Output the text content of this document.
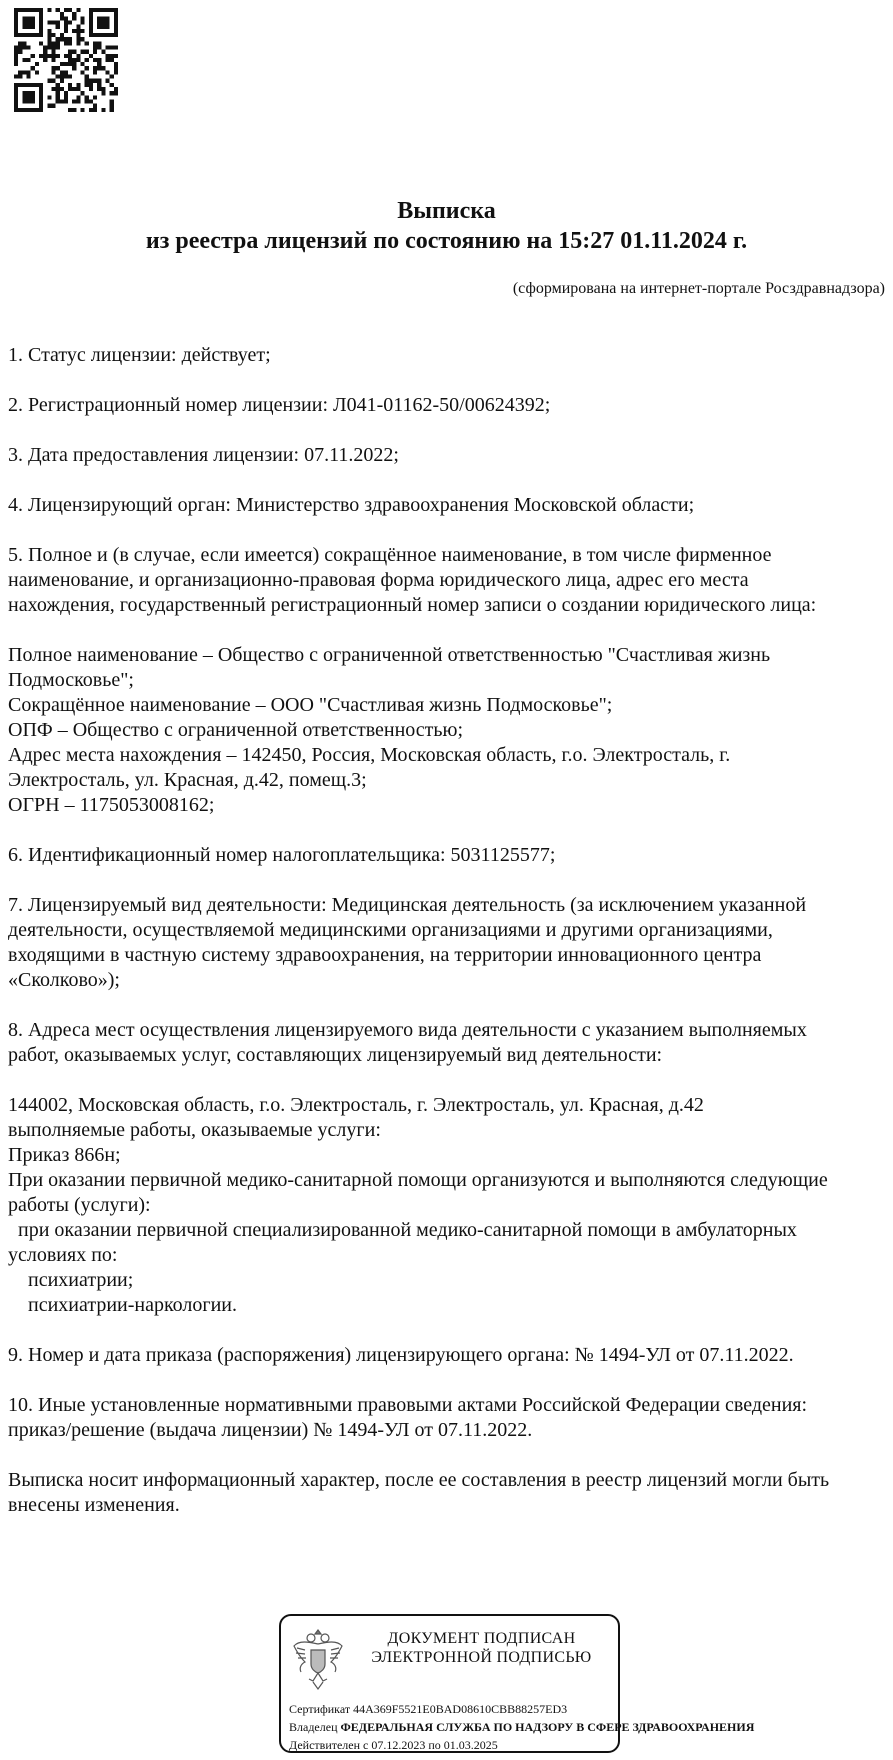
Выписка
из реестра лицензий по состоянию на 15:27 01.11.2024 г.
(сформирована на интернет-портале Росздравнадзора)
1. Статус лицензии: действует;
2. Регистрационный номер лицензии: Л041-01162-50/00624392;
3. Дата предоставления лицензии: 07.11.2022;
4. Лицензирующий орган: Министерство здравоохранения Московской области;
5. Полное и (в случае, если имеется) сокращённое наименование, в том числе фирменное
наименование, и организационно-правовая форма юридического лица, адрес его места
нахождения, государственный регистрационный номер записи о создании юридического лица:
Полное наименование – Общество с ограниченной ответственностью "Счастливая жизнь
Подмосковье";
Сокращённое наименование – ООО "Счастливая жизнь Подмосковье";
ОПФ – Общество с ограниченной ответственностью;
Адрес места нахождения – 142450, Россия, Московская область, г.о. Электросталь, г.
Электросталь, ул. Красная, д.42, помещ.3;
ОГРН – 1175053008162;
6. Идентификационный номер налогоплательщика: 5031125577;
7. Лицензируемый вид деятельности: Медицинская деятельность (за исключением указанной
деятельности, осуществляемой медицинскими организациями и другими организациями,
входящими в частную систему здравоохранения, на территории инновационного центра
«Сколково»);
8. Адреса мест осуществления лицензируемого вида деятельности с указанием выполняемых
работ, оказываемых услуг, составляющих лицензируемый вид деятельности:
144002, Московская область, г.о. Электросталь, г. Электросталь, ул. Красная, д.42
выполняемые работы, оказываемые услуги:
Приказ 866н;
При оказании первичной медико-санитарной помощи организуются и выполняются следующие
работы (услуги):
при оказании первичной специализированной медико-санитарной помощи в амбулаторных
условиях по:
психиатрии;
психиатрии-наркологии.
9. Номер и дата приказа (распоряжения) лицензирующего органа: № 1494-УЛ от 07.11.2022.
10. Иные установленные нормативными правовыми актами Российской Федерации сведения:
приказ/решение (выдача лицензии) № 1494-УЛ от 07.11.2022.
Выписка носит информационный характер, после ее составления в реестр лицензий могли быть
внесены изменения.
ДОКУМЕНТ ПОДПИСАН
ЭЛЕКТРОННОЙ ПОДПИСЬЮ
Сертификат 44A369F5521E0BAD08610CBB88257ED3
Владелец ФЕДЕРАЛЬНАЯ СЛУЖБА ПО НАДЗОРУ В СФЕРЕ ЗДРАВООХРАНЕНИЯ
Действителен с 07.12.2023 по 01.03.2025
